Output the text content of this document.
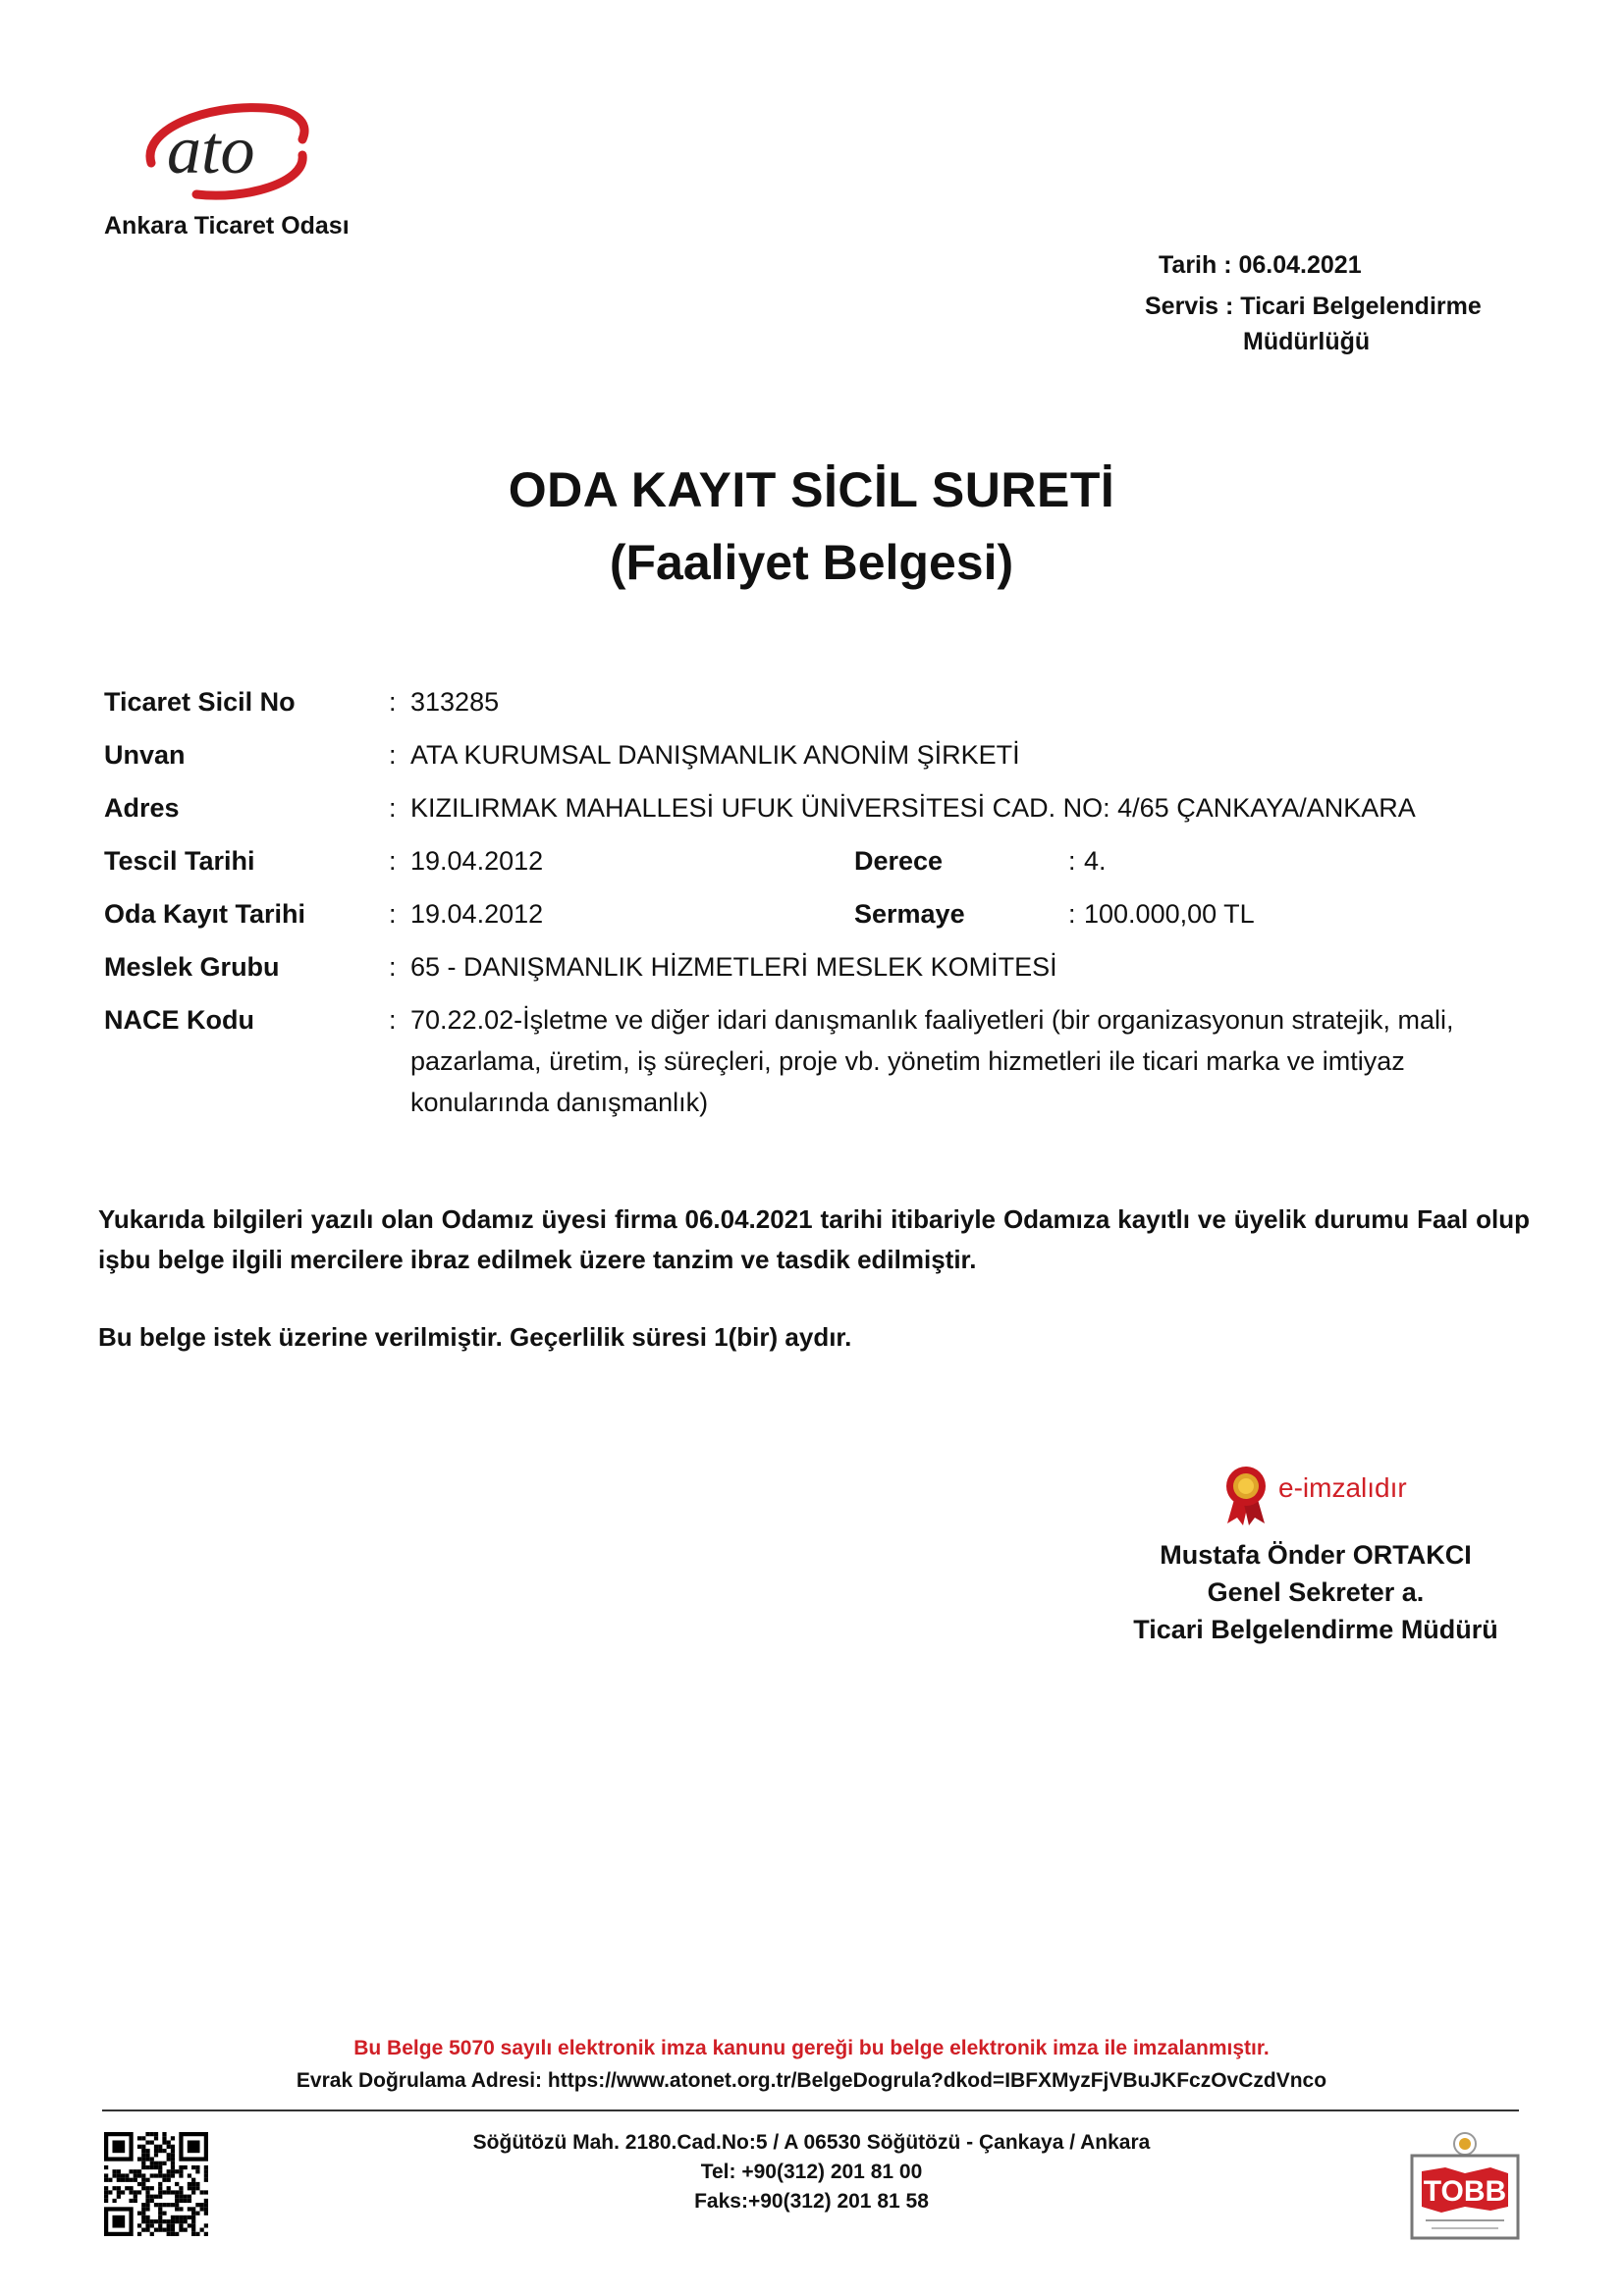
ato
Ankara Ticaret Odası
Tarih : 06.04.2021
Servis : Ticari Belgelendirme
Müdürlüğü
ODA KAYIT SİCİL SURETİ
(Faaliyet Belgesi)
Ticaret Sicil No	: 313285
Unvan	: ATA KURUMSAL DANIŞMANLIK ANONİM ŞİRKETİ
Adres	: KIZILIRMAK MAHALLESİ UFUK ÜNİVERSİTESİ CAD. NO: 4/65 ÇANKAYA/ANKARA
Tescil Tarihi	: 19.04.2012	Derece	: 4.
Oda Kayıt Tarihi	: 19.04.2012	Sermaye	: 100.000,00 TL
Meslek Grubu	: 65 - DANIŞMANLIK HİZMETLERİ MESLEK KOMİTESİ
NACE Kodu	: 70.22.02-İşletme ve diğer idari danışmanlık faaliyetleri (bir organizasyonun stratejik, mali, pazarlama, üretim, iş süreçleri, proje vb. yönetim hizmetleri ile ticari marka ve imtiyaz konularında danışmanlık)
Yukarıda bilgileri yazılı olan Odamız üyesi firma 06.04.2021 tarihi itibariyle Odamıza kayıtlı ve üyelik durumu Faal olup işbu belge ilgili mercilere ibraz edilmek üzere tanzim ve tasdik edilmiştir.
Bu belge istek üzerine verilmiştir. Geçerlilik süresi 1(bir) aydır.
e-imzalıdır
Mustafa Önder ORTAKCI
Genel Sekreter a.
Ticari Belgelendirme Müdürü
Bu Belge 5070 sayılı elektronik imza kanunu gereği bu belge elektronik imza ile imzalanmıştır.
Evrak Doğrulama Adresi: https://www.atonet.org.tr/BelgeDogrula?dkod=IBFXMyzFjVBuJKFczOvCzdVnco
Söğütözü Mah. 2180.Cad.No:5 / A 06530 Söğütözü - Çankaya / Ankara
Tel: +90(312) 201 81 00
Faks:+90(312) 201 81 58	TOBB
